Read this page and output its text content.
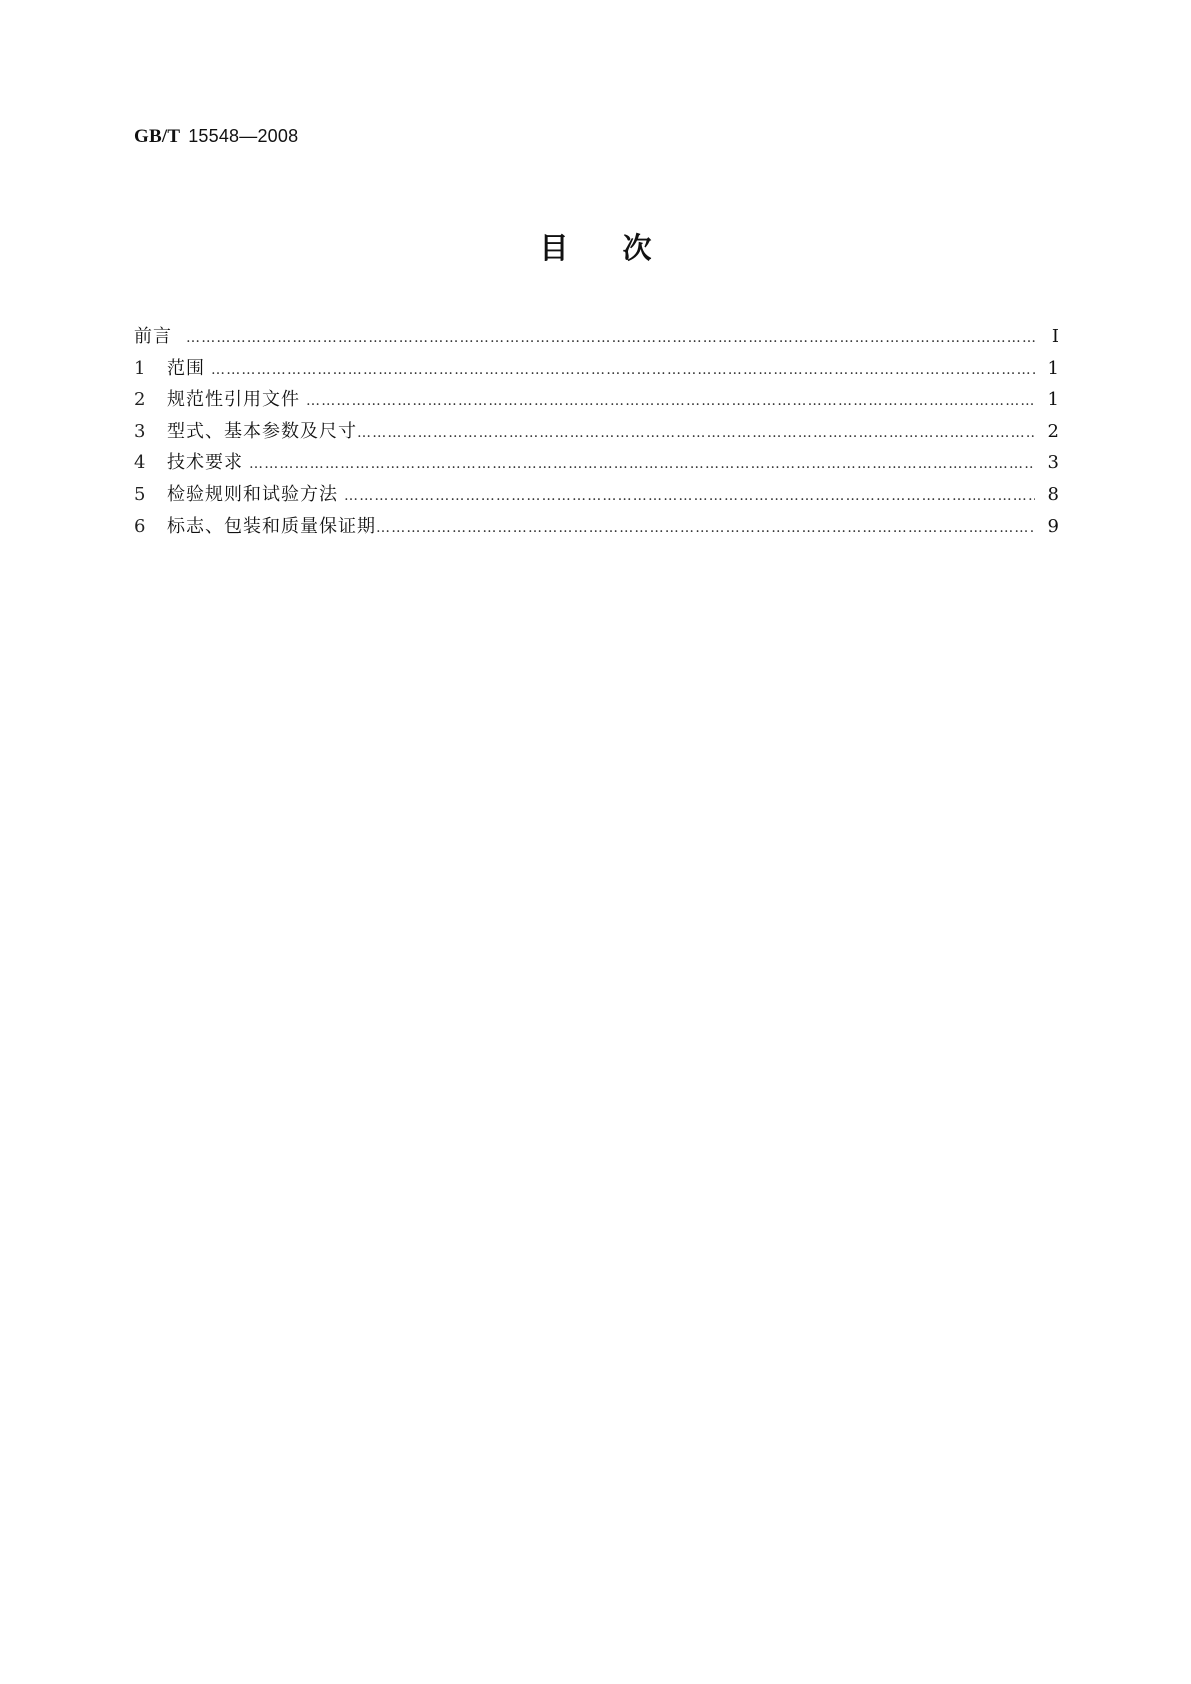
GB/T 15548—2008
目 次
前言 …………………………………………………………………………………………………………………………………………………………………………………………………………………………	Ⅰ
1	范围 …………………………………………………………………………………………………………………………………………………………………………………………………………………………	1
2	规范性引用文件 …………………………………………………………………………………………………………………………………………………………………………………………………………………………	1
3	型式、基本参数及尺寸 …………………………………………………………………………………………………………………………………………………………………………………………………………………………	2
4	技术要求 …………………………………………………………………………………………………………………………………………………………………………………………………………………………	3
5	检验规则和试验方法 …………………………………………………………………………………………………………………………………………………………………………………………………………………………	8
6	标志、包装和质量保证期 …………………………………………………………………………………………………………………………………………………………………………………………………………………………	9
